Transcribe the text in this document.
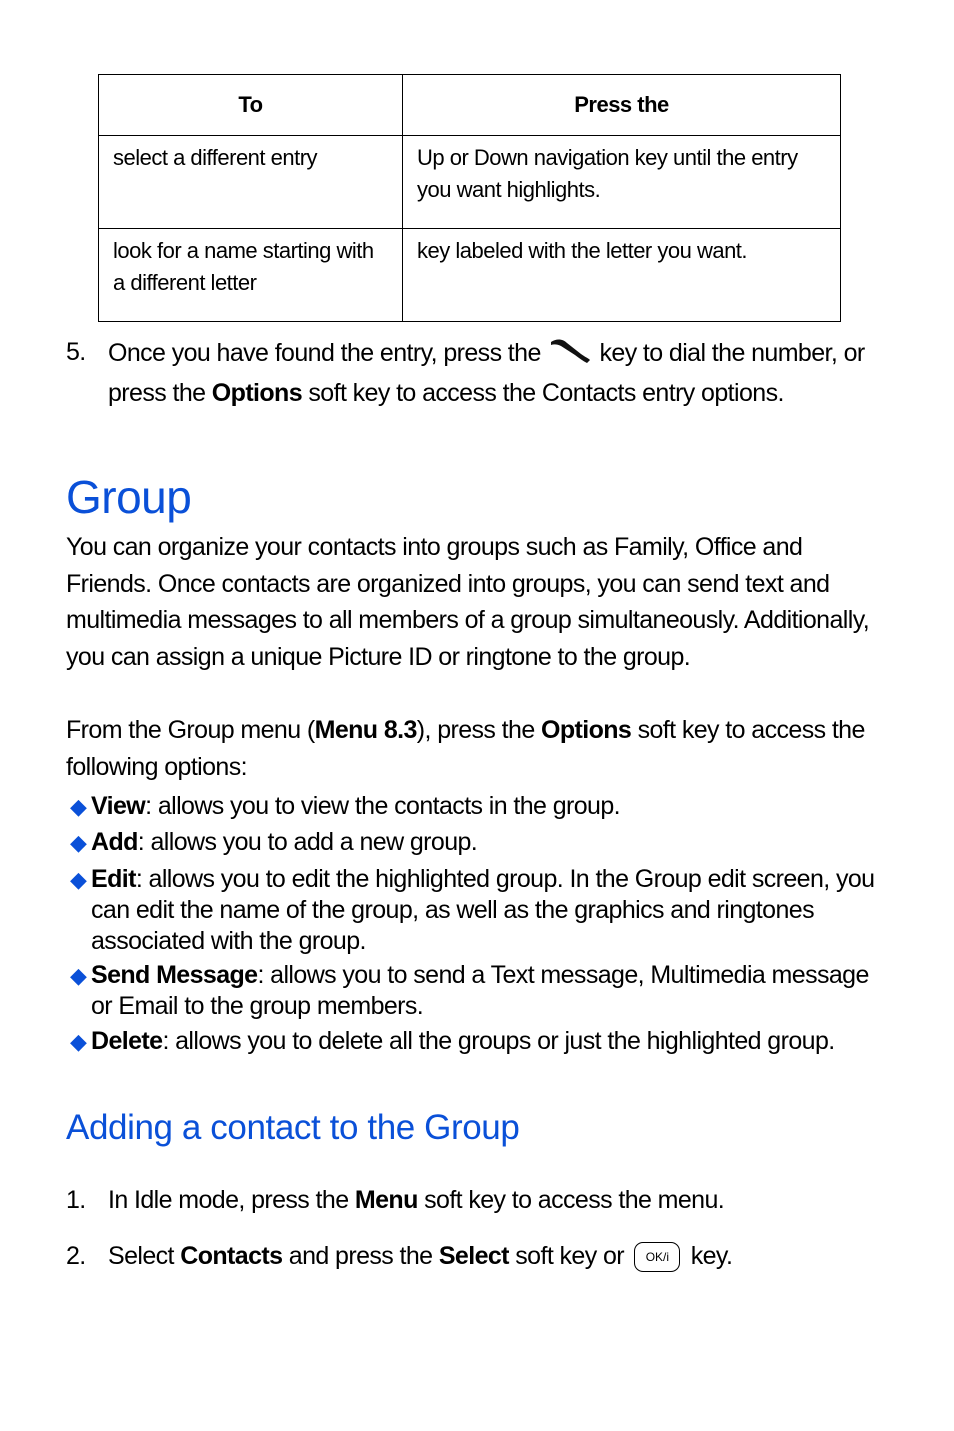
To	Press the
select a different entry	Up or Down navigation key until the entry you want highlights.
look for a name starting with a different letter	key labeled with the letter you want.
5. Once you have found the entry, press the key to dial the number, or press the Options soft key to access the Contacts entry options.
Group

You can organize your contacts into groups such as Family, Office and Friends. Once contacts are organized into groups, you can send text and multimedia messages to all members of a group simultaneously. Additionally, you can assign a unique Picture ID or ringtone to the group.

From the Group menu (Menu 8.3), press the Options soft key to access the following options:

◆ View: allows you to view the contacts in the group.
◆ Add: allows you to add a new group.
◆ Edit: allows you to edit the highlighted group. In the Group edit screen, you can edit the name of the group, as well as the graphics and ringtones associated with the group.
◆ Send Message: allows you to send a Text message, Multimedia message or Email to the group members.
◆ Delete: allows you to delete all the groups or just the highlighted group.
Adding a contact to the Group
1. In Idle mode, press the Menu soft key to access the menu.
2. Select Contacts and press the Select soft key or OK/i key.
